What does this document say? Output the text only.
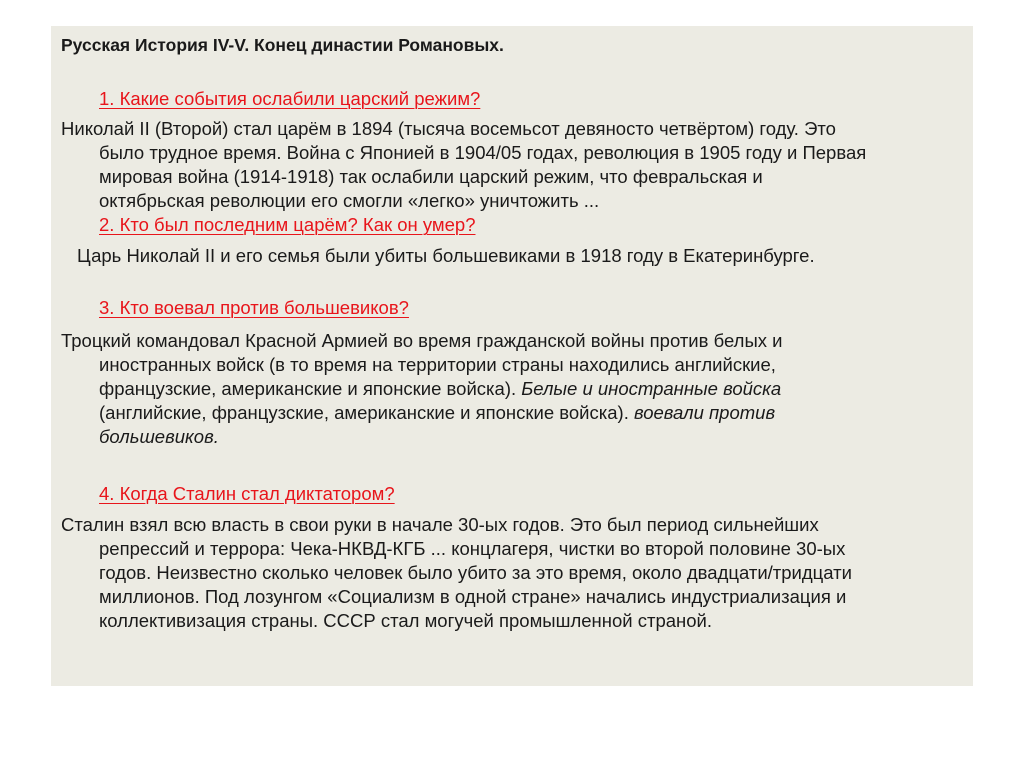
Русская История IV-V. Конец династии Романовых.
1. Какие события ослабили царский режим?
Николай II (Второй) стал царём в 1894 (тысяча восемьсот девяносто четвёртом) году. Это
было трудное время. Война с Японией в 1904/05 годах, революция в 1905 году и Первая
мировая война (1914-1918) так ослабили царский режим, что февральская и
октябрьская революции его смогли «легко» уничтожить ...
2. Кто был последним царём? Как он умер?
Царь Николай II и его семья были убиты большевиками в 1918 году в Екатеринбурге.
3. Кто воевал против большевиков?
Троцкий командовал Красной Армией во время гражданской войны против белых и
иностранных войск (в то время на территории страны находились английские,
французские, американские и японские войска). Белые и иностранные войска
(английские, французские, американские и японские войска). воевали против
большевиков.
4. Когда Сталин стал диктатором?
Сталин взял всю власть в свои руки в начале 30-ых годов. Это был период сильнейших
репрессий и террора: Чека-НКВД-КГБ ... концлагеря, чистки во второй половине 30-ых
годов. Неизвестно сколько человек было убито за это время, около двадцати/тридцати
миллионов. Под лозунгом «Социализм в одной стране» начались индустриализация и
коллективизация страны. СССР стал могучей промышленной страной.
